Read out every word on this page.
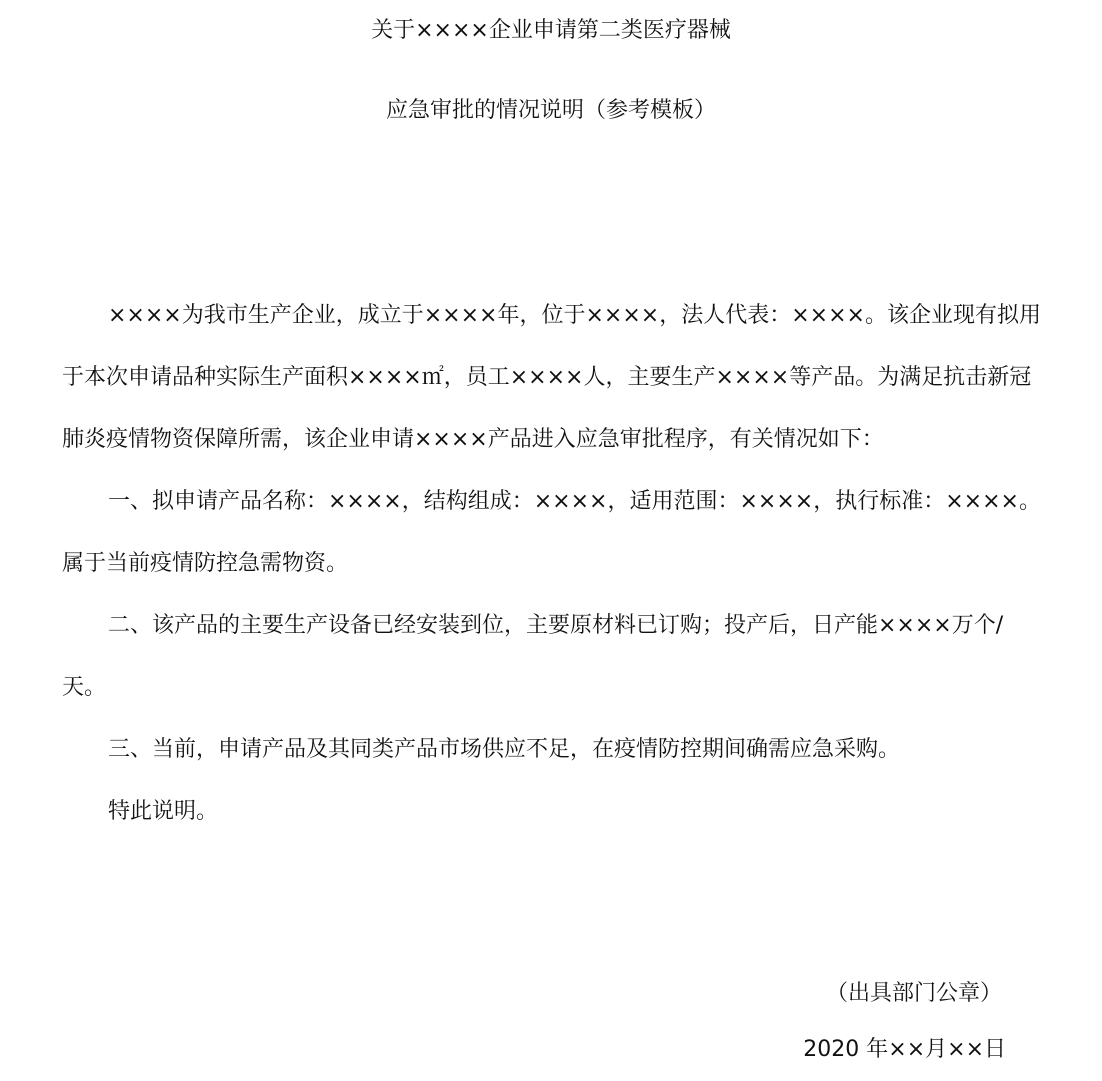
关于××××企业申请第二类医疗器械
应急审批的情况说明（参考模板）
××××为我市生产企业，成立于××××年，位于××××，法人代表：××××。该企业现有拟用
于本次申请品种实际生产面积××××㎡，员工××××人，主要生产××××等产品。为满足抗击新冠
肺炎疫情物资保障所需，该企业申请××××产品进入应急审批程序，有关情况如下：
一、拟申请产品名称：××××，结构组成：××××，适用范围：××××，执行标准：××××。
属于当前疫情防控急需物资。
二、该产品的主要生产设备已经安装到位，主要原材料已订购；投产后，日产能××××万个/
天。
三、当前，申请产品及其同类产品市场供应不足，在疫情防控期间确需应急采购。
特此说明。
（出具部门公章）
2020 年××月××日
